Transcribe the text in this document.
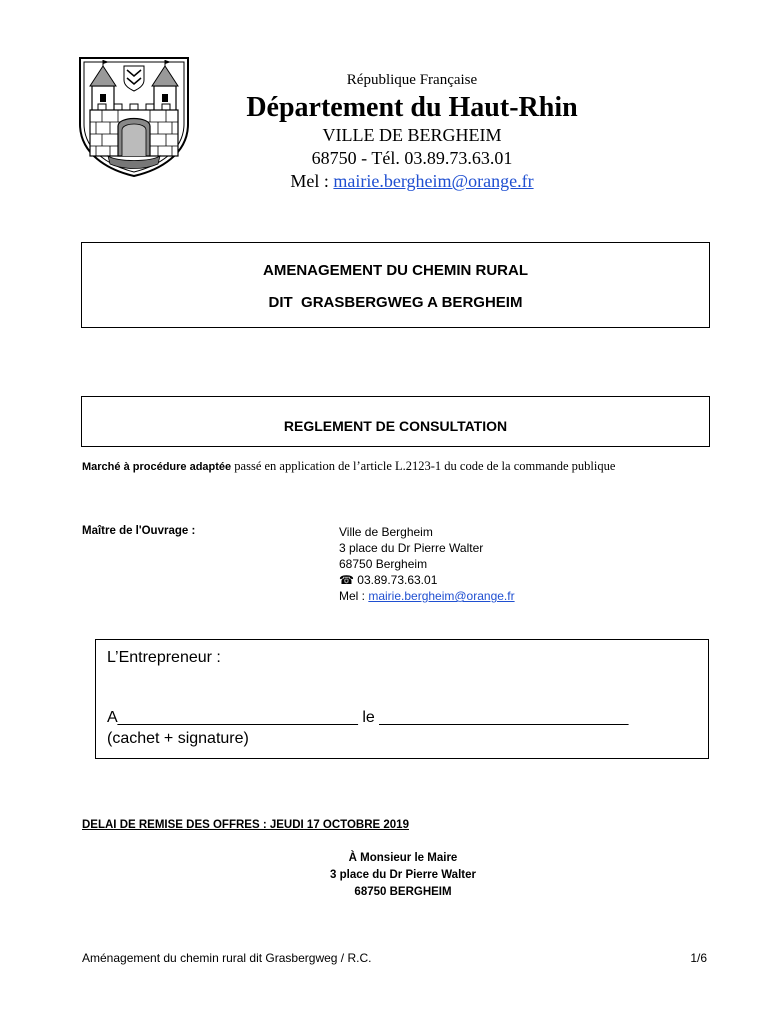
République Française
Département du Haut-Rhin
VILLE DE BERGHEIM
68750 - Tél. 03.89.73.63.01
Mel : mairie.bergheim@orange.fr
AMENAGEMENT DU CHEMIN RURAL
DIT  GRASBERGWEG A BERGHEIM
REGLEMENT DE CONSULTATION
Marché à procédure adaptée passé en application de l’article L.2123-1 du code de la commande publique
Maître de l'Ouvrage :	Ville de Bergheim
3 place du Dr Pierre Walter
68750 Bergheim
☎ 03.89.73.63.01
Mel : mairie.bergheim@orange.fr
L’Entrepreneur :
A___________________________ le ____________________________
(cachet + signature)
DELAI DE REMISE DES OFFRES : JEUDI 17 OCTOBRE 2019
À Monsieur le Maire
3 place du Dr Pierre Walter
68750 BERGHEIM
Aménagement du chemin rural dit Grasbergweg / R.C.	1/6
